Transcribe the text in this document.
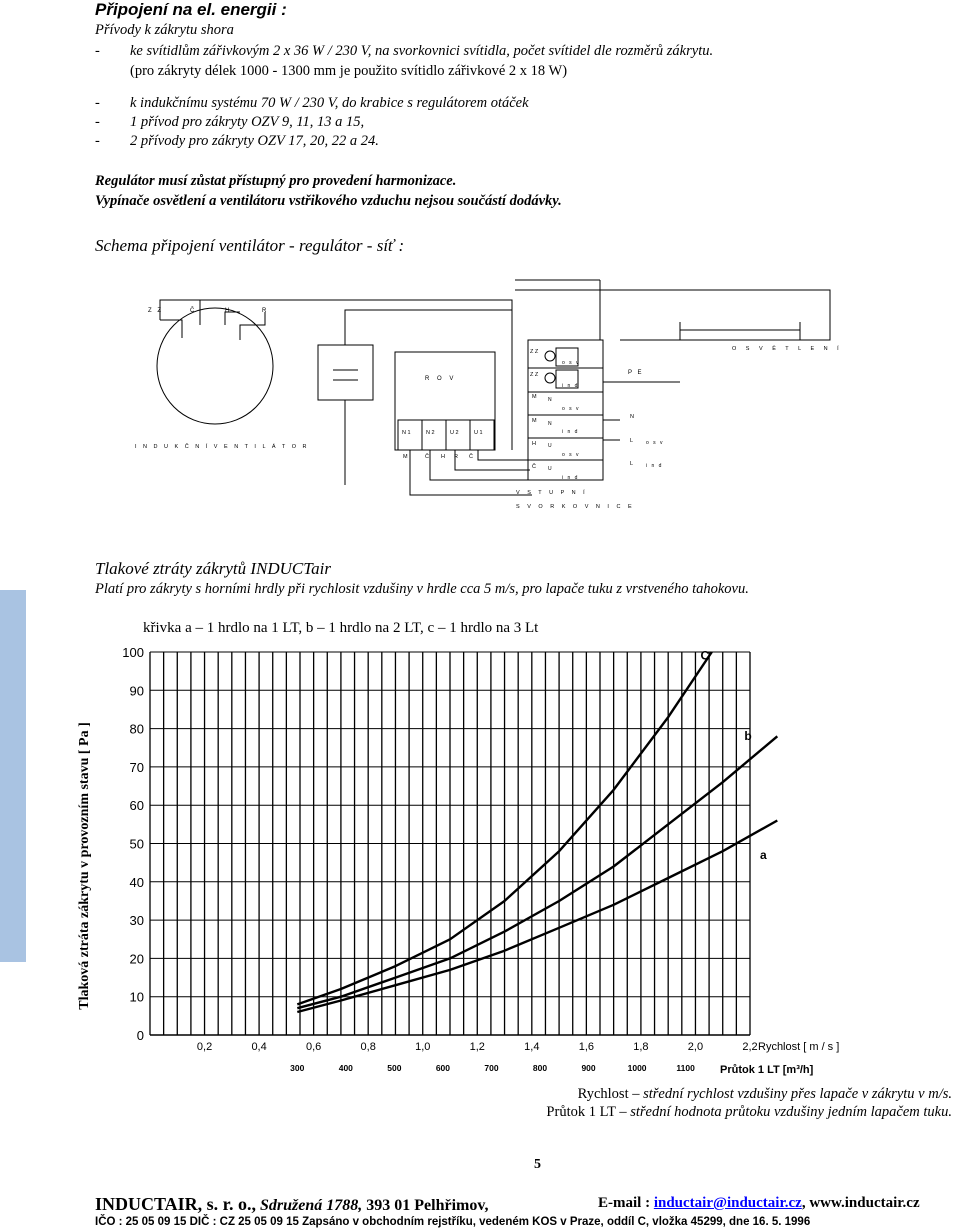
Připojení na el. energii :
Přívody k zákrytu shora
- ke svítidlům zářivkovým 2 x 36 W / 230 V, na svorkovnici svítidla, počet svítidel dle rozměrů zákrytu.
(pro zákryty délek 1000 - 1300 mm je použito svítidlo zářivkové 2 x 18 W)
- k indukčnímu systému 70 W / 230 V, do krabice s regulátorem otáček
- 1 přívod pro zákryty OZV 9, 11, 13 a 15,
- 2 přívody pro zákryty OZV 17, 20, 22 a 24.
Regulátor musí zůstat přístupný pro provedení harmonizace.
Vypínače osvětlení a ventilátoru vstřikového vzduchu nejsou součástí dodávky.
Schema připojení ventilátor - regulátor - síť :
Z Z	Č	H	R
I N D U K Č N Í V E N T I L Á T O R
R O V
N 1	N 2	U 2	U 1
M	Č H R Č
Z Z
Z Z
M
M
H
Č
o s v
i n d
N
o s v
N
i n d
U
o s v
U
i n d
P E
N
L	o s v
L	i n d
O S V Ě T L E N Í
V S T U P N Í
S V O R K O V N I C E
Tlakové ztráty zákrytů INDUCTair
Platí pro zákryty s horními hrdly při rychlosit vzdušiny v hrdle cca 5 m/s, pro lapače tuku z vrstveného tahokovu.
křivka a – 1 hrdlo na 1 LT, b – 1 hrdlo na 2 LT, c – 1 hrdlo na 3 Lt
Tlaková ztráta zákrytu v provozním stavu [ Pa ]
0
10
20
30
40
50
60
70
80
90
100
0,2	0,4	0,6	0,8	1,0	1,2	1,4	1,6	1,8	2,0	2,2
300	400	500	600	700	800	900	1000	1100
Rychlost [ m / s ]
Průtok 1 LT [m³/h]
C
b
a
Rychlost – střední rychlost vzdušiny přes lapače v zákrytu v m/s.
Průtok 1 LT – střední hodnota průtoku vzdušiny jedním lapačem tuku.
5
INDUCTAIR, s. r. o., Sdružená 1788, 393 01 Pelhřimov,	E-mail : inductair@inductair.cz, www.inductair.cz
IČO : 25 05 09 15 DIČ : CZ 25 05 09 15 Zapsáno v obchodním rejstříku, vedeném KOS v Praze, oddíl C, vložka 45299, dne 16. 5. 1996
